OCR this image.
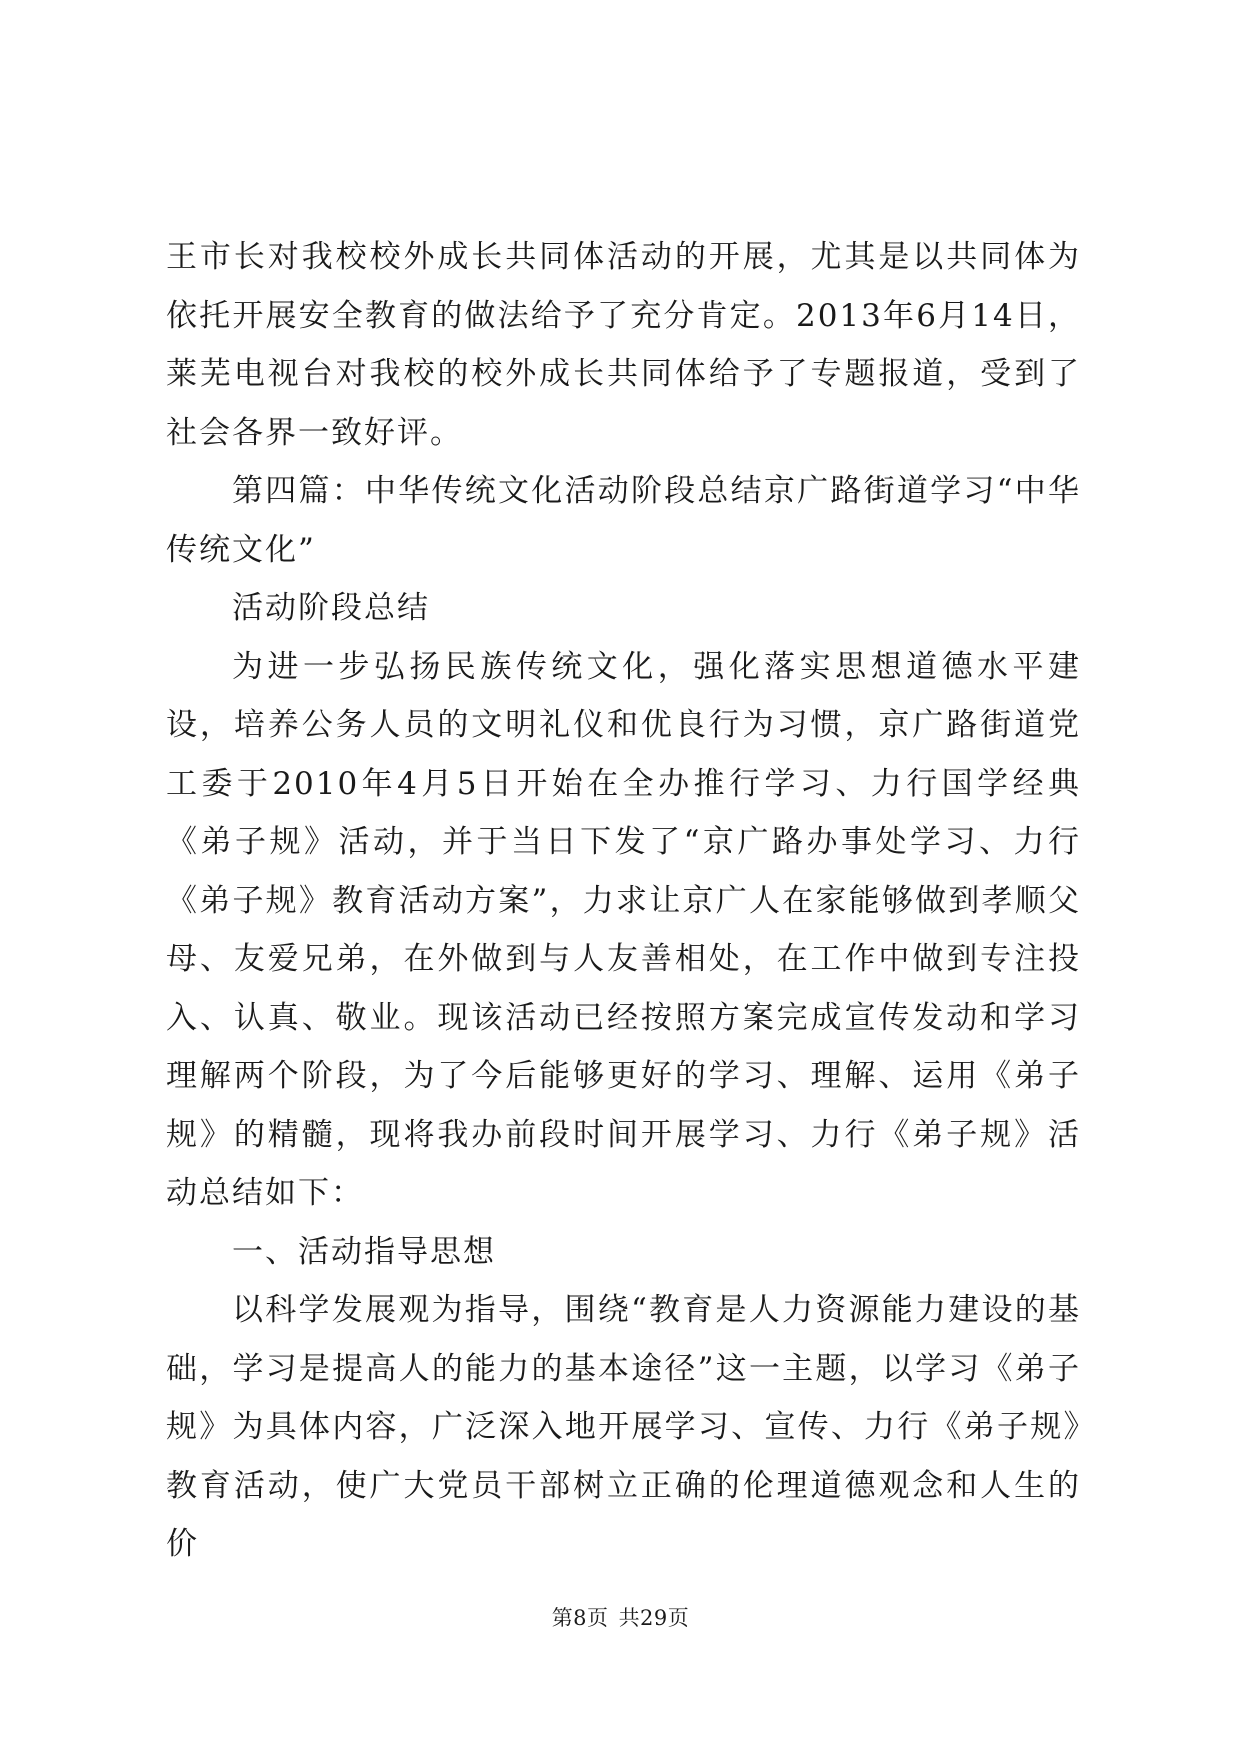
王市长对我校校外成长共同体活动的开展，尤其是以共同体为依托开展安全教育的做法给予了充分肯定。2013年6月14日，莱芜电视台对我校的校外成长共同体给予了专题报道，受到了社会各界一致好评。

第四篇：中华传统文化活动阶段总结京广路街道学习“中华传统文化”

活动阶段总结

为进一步弘扬民族传统文化，强化落实思想道德水平建设，培养公务人员的文明礼仪和优良行为习惯，京广路街道党工委于2010年4月5日开始在全办推行学习、力行国学经典《弟子规》活动，并于当日下发了“京广路办事处学习、力行《弟子规》教育活动方案”，力求让京广人在家能够做到孝顺父母、友爱兄弟，在外做到与人友善相处，在工作中做到专注投入、认真、敬业。现该活动已经按照方案完成宣传发动和学习理解两个阶段，为了今后能够更好的学习、理解、运用《弟子规》的精髓，现将我办前段时间开展学习、力行《弟子规》活动总结如下：

一、活动指导思想

以科学发展观为指导，围绕“教育是人力资源能力建设的基础，学习是提高人的能力的基本途径”这一主题，以学习《弟子规》为具体内容，广泛深入地开展学习、宣传、力行《弟子规》教育活动，使广大党员干部树立正确的伦理道德观念和人生的价

第8页 共29页
